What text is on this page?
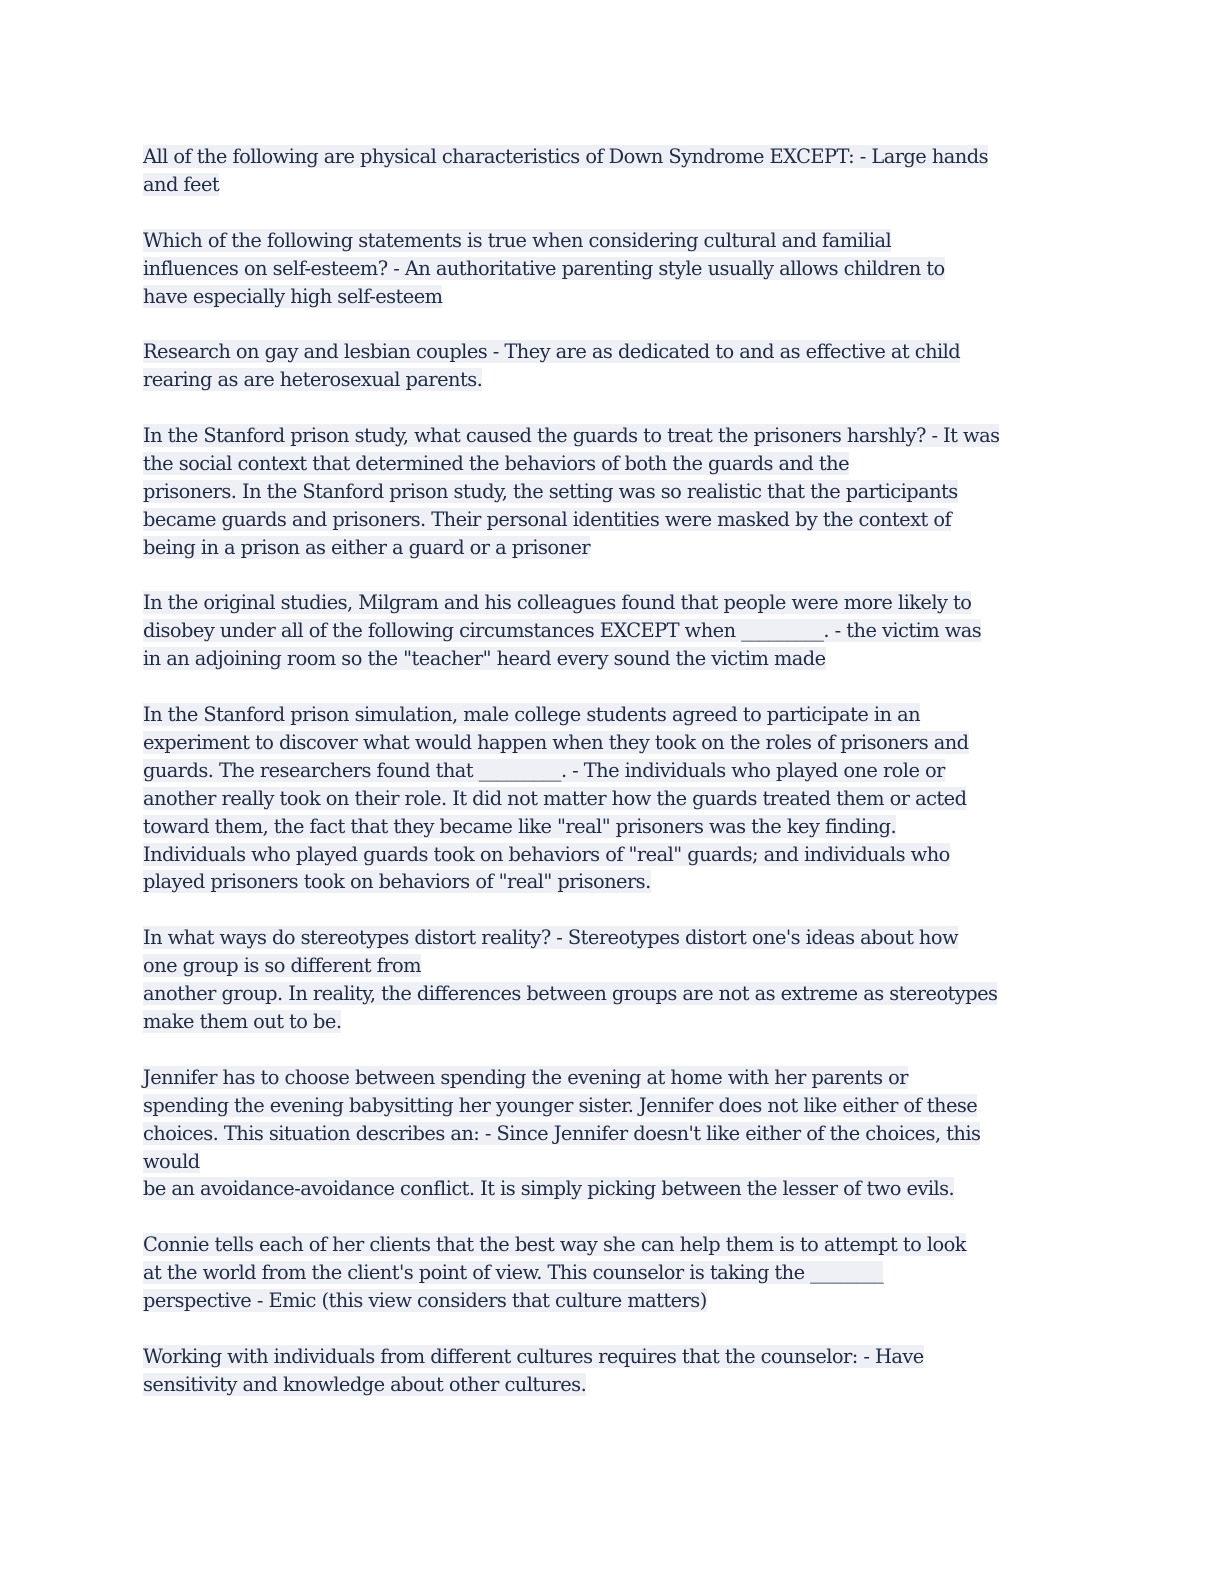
All of the following are physical characteristics of Down Syndrome EXCEPT: - Large hands
and feet

Which of the following statements is true when considering cultural and familial
influences on self-esteem? - An authoritative parenting style usually allows children to
have especially high self-esteem

Research on gay and lesbian couples - They are as dedicated to and as effective at child
rearing as are heterosexual parents.

In the Stanford prison study, what caused the guards to treat the prisoners harshly? - It was
the social context that determined the behaviors of both the guards and the
prisoners. In the Stanford prison study, the setting was so realistic that the participants
became guards and prisoners. Their personal identities were masked by the context of
being in a prison as either a guard or a prisoner

In the original studies, Milgram and his colleagues found that people were more likely to
disobey under all of the following circumstances EXCEPT when _________. - the victim was
in an adjoining room so the "teacher" heard every sound the victim made

In the Stanford prison simulation, male college students agreed to participate in an
experiment to discover what would happen when they took on the roles of prisoners and
guards. The researchers found that _________. - The individuals who played one role or
another really took on their role. It did not matter how the guards treated them or acted
toward them, the fact that they became like "real" prisoners was the key finding.
Individuals who played guards took on behaviors of "real" guards; and individuals who
played prisoners took on behaviors of "real" prisoners.

In what ways do stereotypes distort reality? - Stereotypes distort one's ideas about how
one group is so different from
another group. In reality, the differences between groups are not as extreme as stereotypes
make them out to be.

Jennifer has to choose between spending the evening at home with her parents or
spending the evening babysitting her younger sister. Jennifer does not like either of these
choices. This situation describes an: - Since Jennifer doesn't like either of the choices, this
would
be an avoidance-avoidance conflict. It is simply picking between the lesser of two evils.

Connie tells each of her clients that the best way she can help them is to attempt to look
at the world from the client's point of view. This counselor is taking the ________
perspective - Emic (this view considers that culture matters)

Working with individuals from different cultures requires that the counselor: - Have
sensitivity and knowledge about other cultures.
